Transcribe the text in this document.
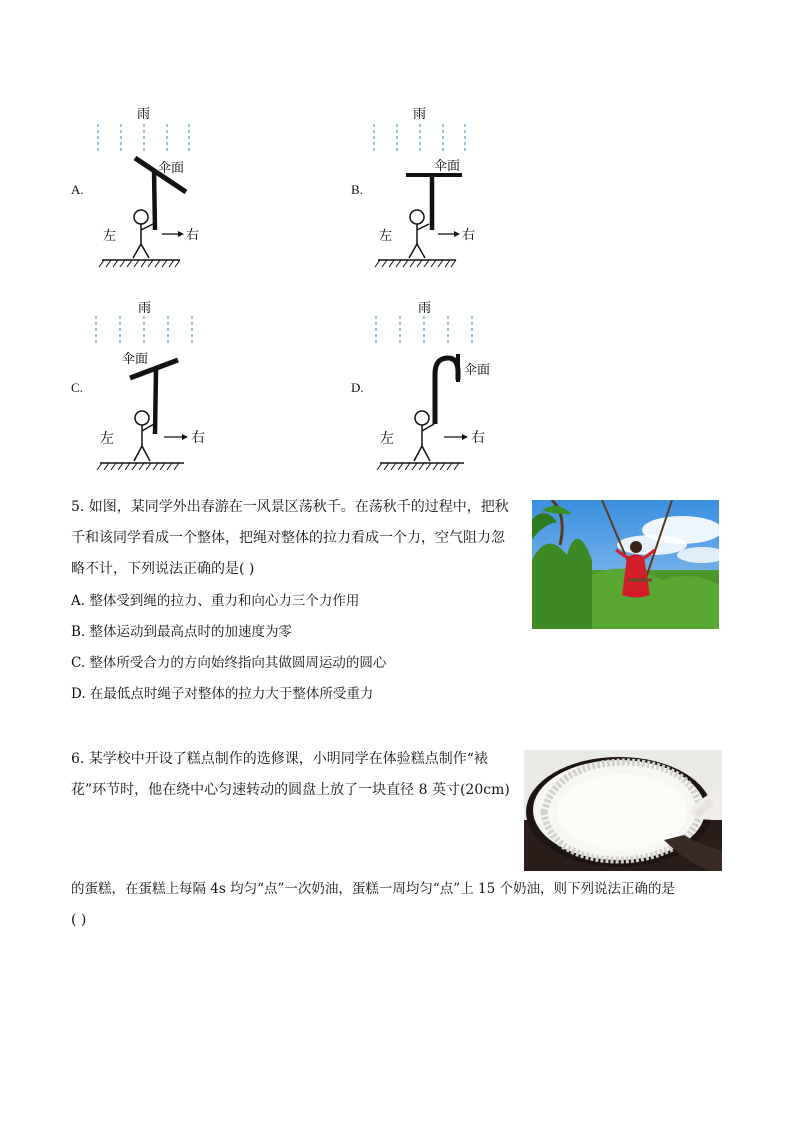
A.
雨
伞面
左	右
B.
雨
伞面
左	右
C.
雨
伞面
左	右
D.
雨
伞面
左	右
5. 如图，某同学外出春游在一风景区荡秋千。在荡秋千的过程中，把秋
千和该同学看成一个整体，把绳对整体的拉力看成一个力，空气阻力忽
略不计，下列说法正确的是( )
A. 整体受到绳的拉力、重力和向心力三个力作用
B. 整体运动到最高点时的加速度为零
C. 整体所受合力的方向始终指向其做圆周运动的圆心
D. 在最低点时绳子对整体的拉力大于整体所受重力
6. 某学校中开设了糕点制作的选修课，小明同学在体验糕点制作“裱
花”环节时，他在绕中心匀速转动的圆盘上放了一块直径 8 英寸(20cm)
的蛋糕，在蛋糕上每隔 4s 均匀“点”一次奶油，蛋糕一周均匀“点”上 15 个奶油，则下列说法正确的是
( )
